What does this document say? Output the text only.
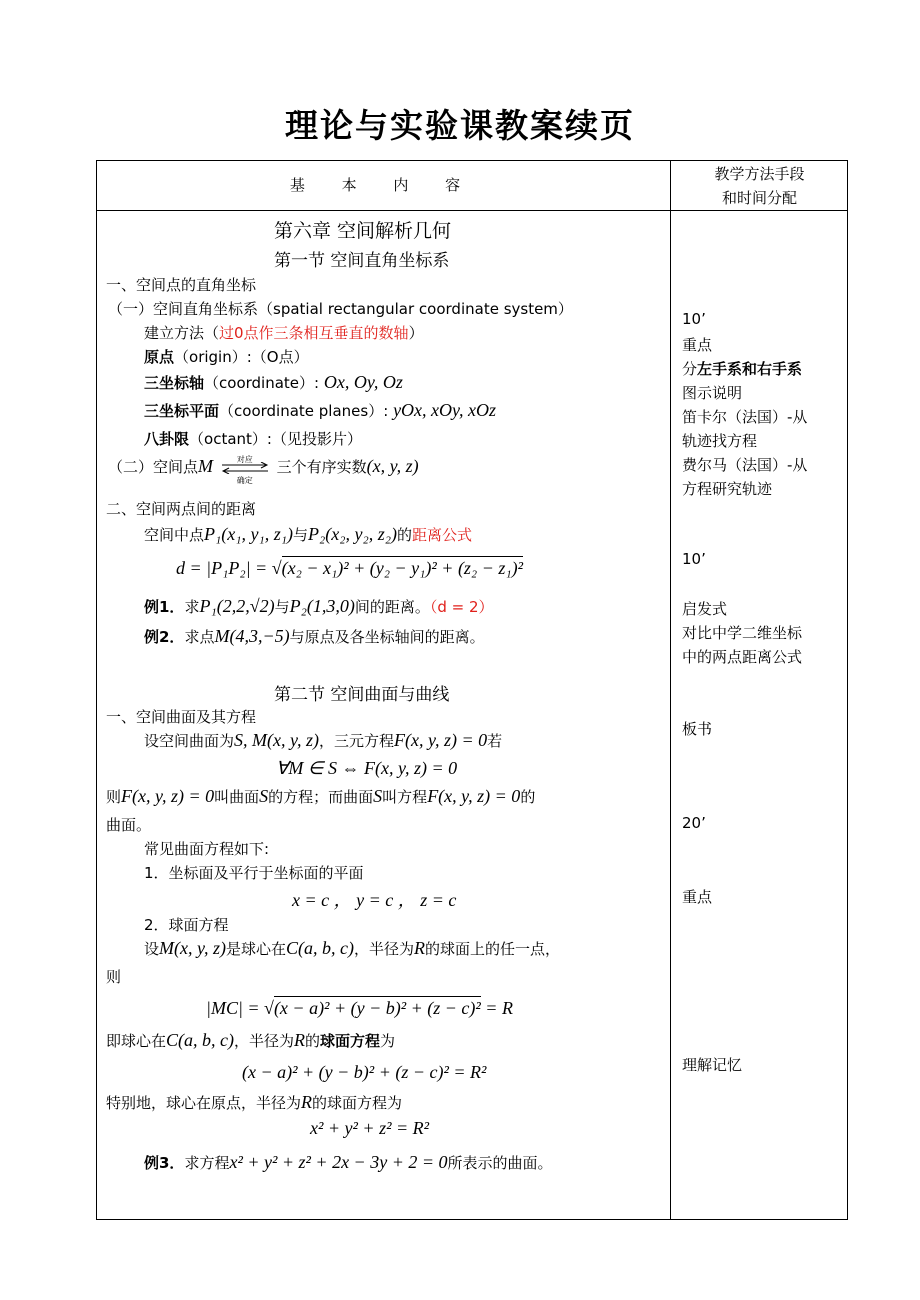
理论与实验课教案续页
基 本 内 容
教学方法手段
和时间分配
第六章 空间解析几何
第一节 空间直角坐标系
一、空间点的直角坐标
（一）空间直角坐标系（spatial rectangular coordinate system）
建立方法（过0点作三条相互垂直的数轴）
原点（origin）:（O点）
三坐标轴（coordinate）: Ox, Oy, Oz
三坐标平面（coordinate planes）: yOx, xOy, xOz
八卦限（octant）:（见投影片）
（二）空间点M	对应
确定
三个有序实数(x, y, z)
二、空间两点间的距离
空间中点P₁(x₁, y₁, z₁)与P₂(x₂, y₂, z₂)的距离公式
d = |P₁P₂| = √(x₂ − x₁)² + (y₂ − y₁)² + (z₂ − z₁)²
例1．求P₁(2,2,√2)与P₂(1,3,0)间的距离。（d = 2）
例2．求点M(4,3,−5)与原点及各坐标轴间的距离。
第二节 空间曲面与曲线
一、空间曲面及其方程
设空间曲面为S, M(x, y, z)，三元方程F(x, y, z) = 0若
∀M ∈ S ⇔ F(x, y, z) = 0
则F(x, y, z) = 0叫曲面S的方程；而曲面S叫方程F(x, y, z) = 0的
曲面。
常见曲面方程如下:
1．坐标面及平行于坐标面的平面
x = c ， y = c ， z = c
2．球面方程
设M(x, y, z)是球心在C(a, b, c)，半径为R的球面上的任一点，
则
|MC| = √(x − a)² + (y − b)² + (z − c)² = R
即球心在C(a, b, c)，半径为R的球面方程为
(x − a)² + (y − b)² + (z − c)² = R²
特别地，球心在原点，半径为R的球面方程为
x² + y² + z² = R²
例3．求方程x² + y² + z² + 2x − 3y + 2 = 0所表示的曲面。
10’
重点
分左手系和右手系
图示说明
笛卡尔（法国）-从
轨迹找方程
费尔马（法国）-从
方程研究轨迹
10’
启发式
对比中学二维坐标
中的两点距离公式
板书
20’
重点
理解记忆
